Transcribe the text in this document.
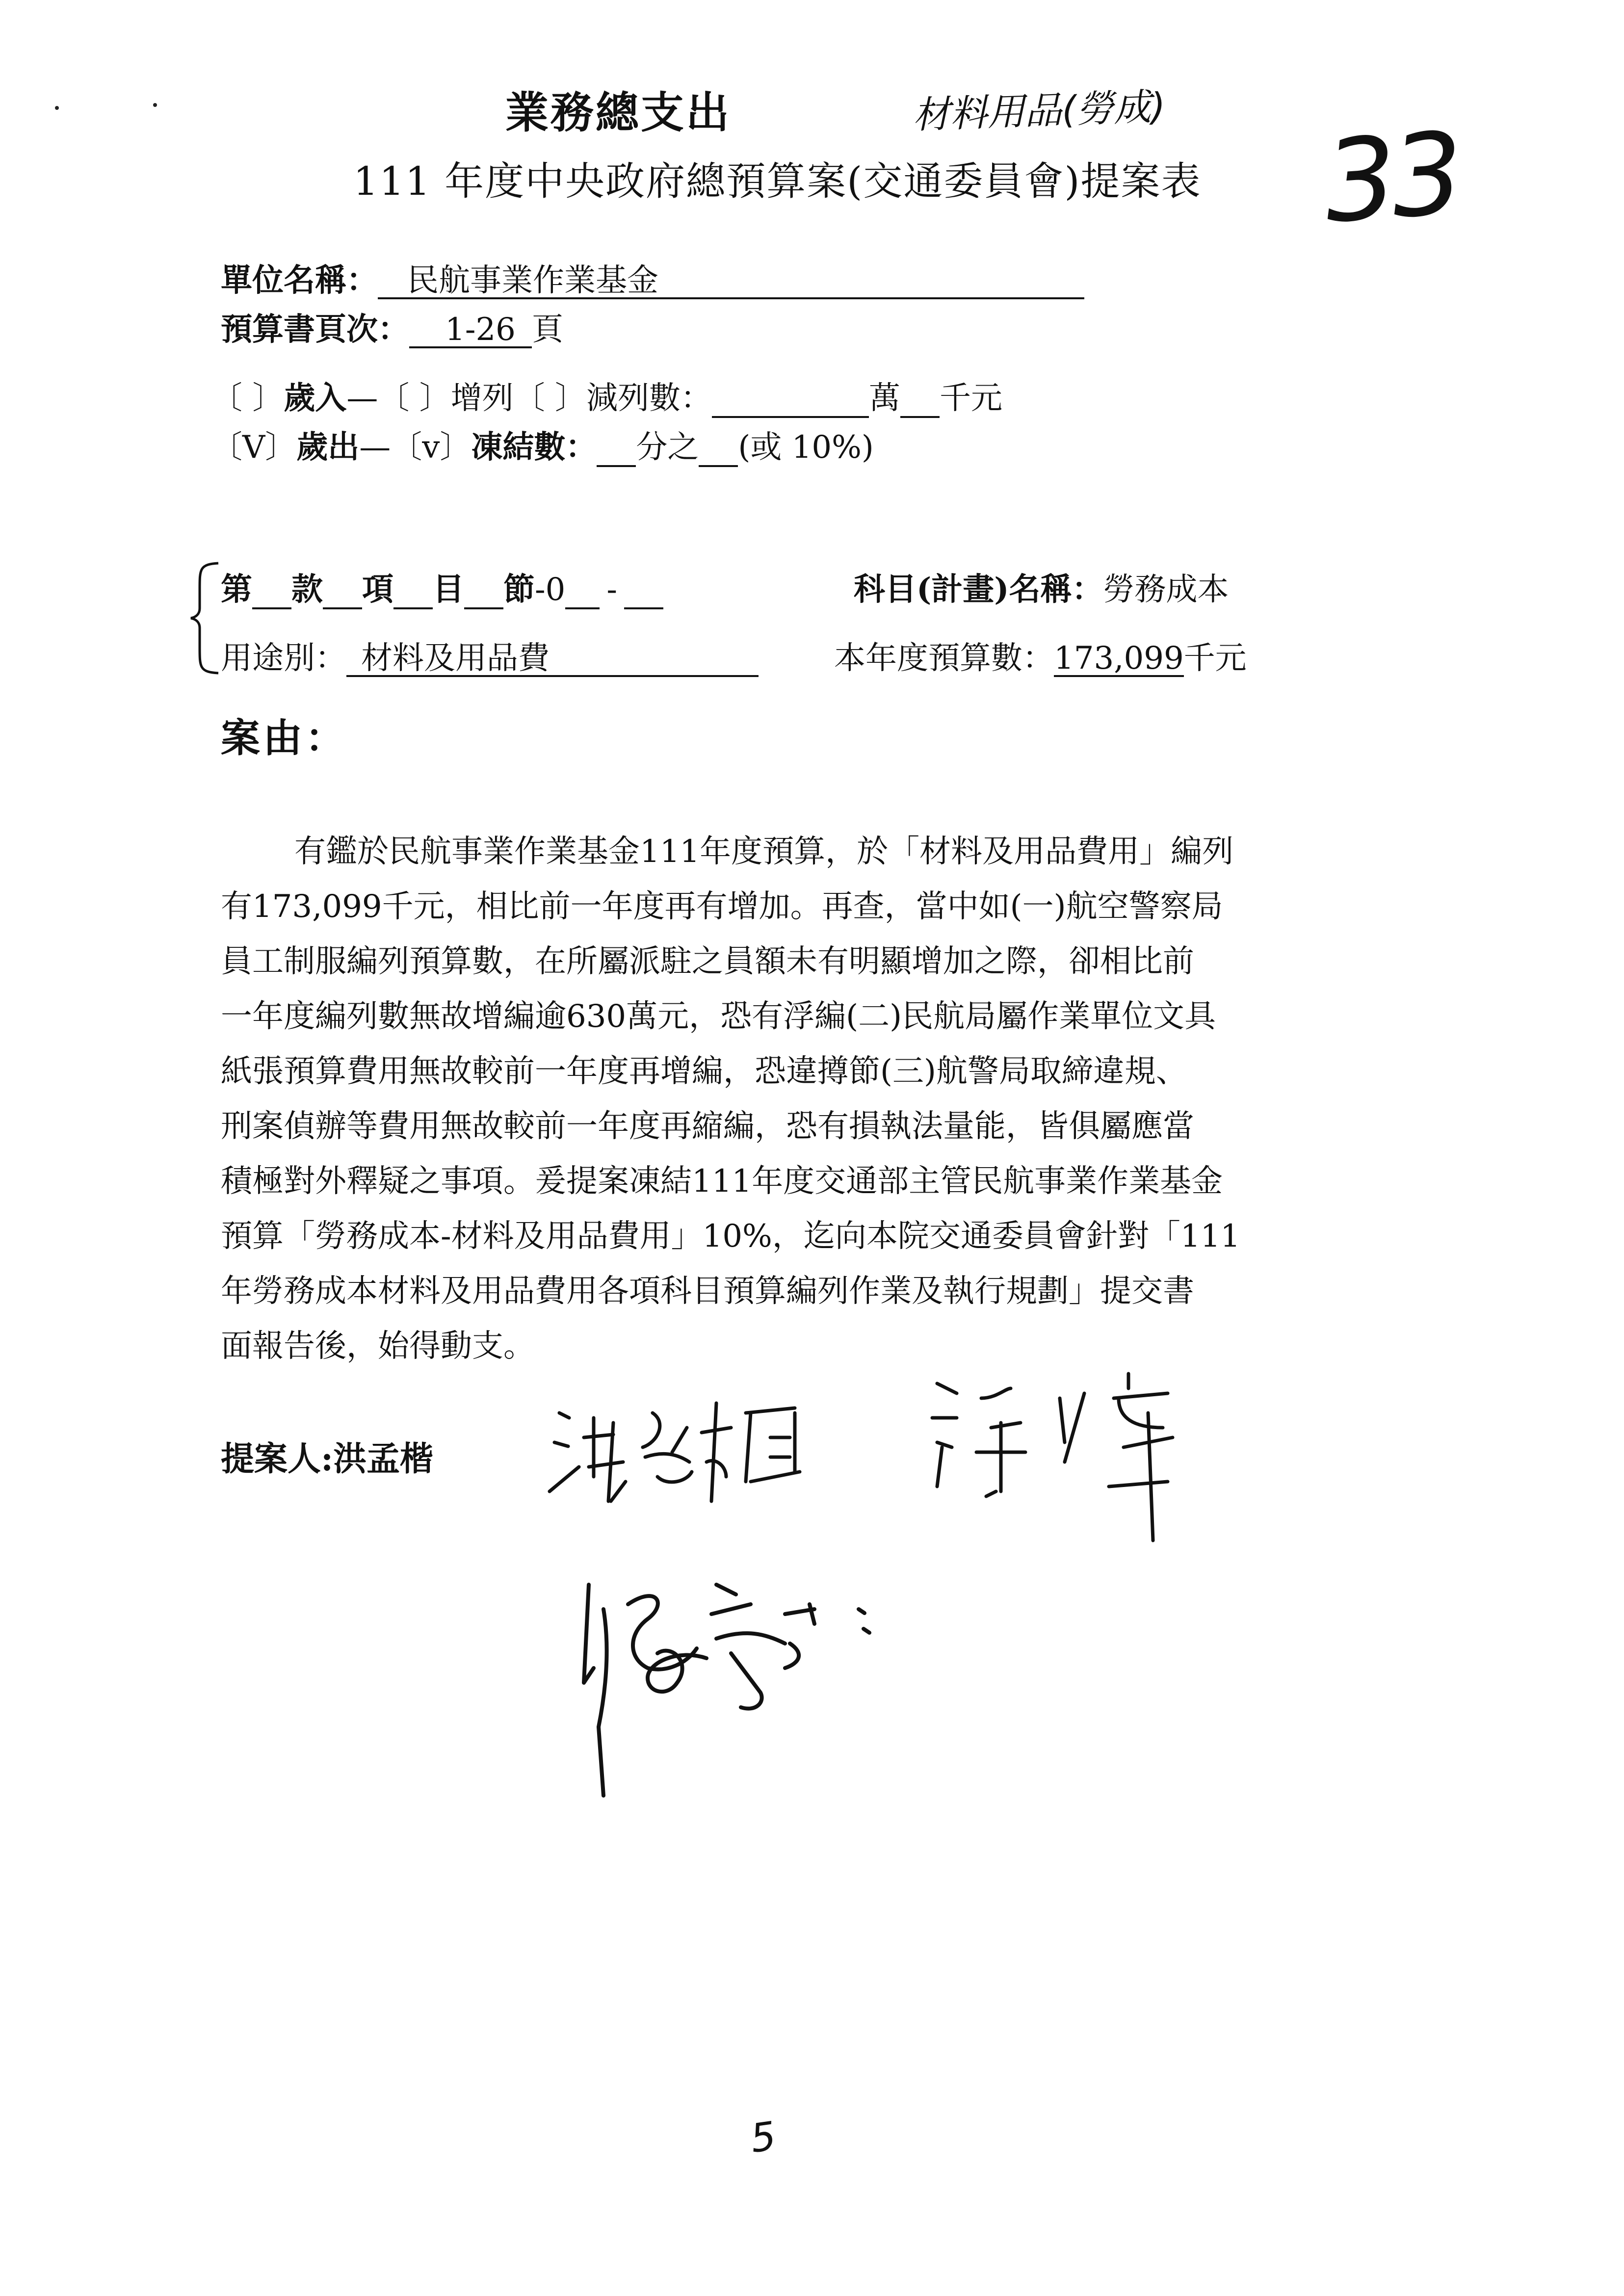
業務總支出	材料用品(勞成)
111 年度中央政府總預算案(交通委員會)提案表 33
單位名稱： 民航事業作業基金
預算書頁次： 1-26 頁
〔 〕歲入—〔 〕增列〔 〕減列數：	萬 千元
〔V〕歲出—〔v〕凍結數： 分之 (或 10%)
第 款 項 目 節-0 -	科目(計畫)名稱：勞務成本
用途別： 材料及用品費	本年度預算數：173,099千元
案由：

有鑑於民航事業作業基金111年度預算，於「材料及用品費用」編列

有173,099千元，相比前一年度再有增加。再查，當中如(一)航空警察局

員工制服編列預算數，在所屬派駐之員額未有明顯增加之際，卻相比前

一年度編列數無故增編逾630萬元，恐有浮編(二)民航局屬作業單位文具

紙張預算費用無故較前一年度再增編，恐違撙節(三)航警局取締違規、

刑案偵辦等費用無故較前一年度再縮編，恐有損執法量能，皆俱屬應當

積極對外釋疑之事項。爰提案凍結111年度交通部主管民航事業作業基金

預算「勞務成本-材料及用品費用」10%，迄向本院交通委員會針對「111

年勞務成本材料及用品費用各項科目預算編列作業及執行規劃」提交書

面報告後，始得動支。

提案人:洪孟楷
5
